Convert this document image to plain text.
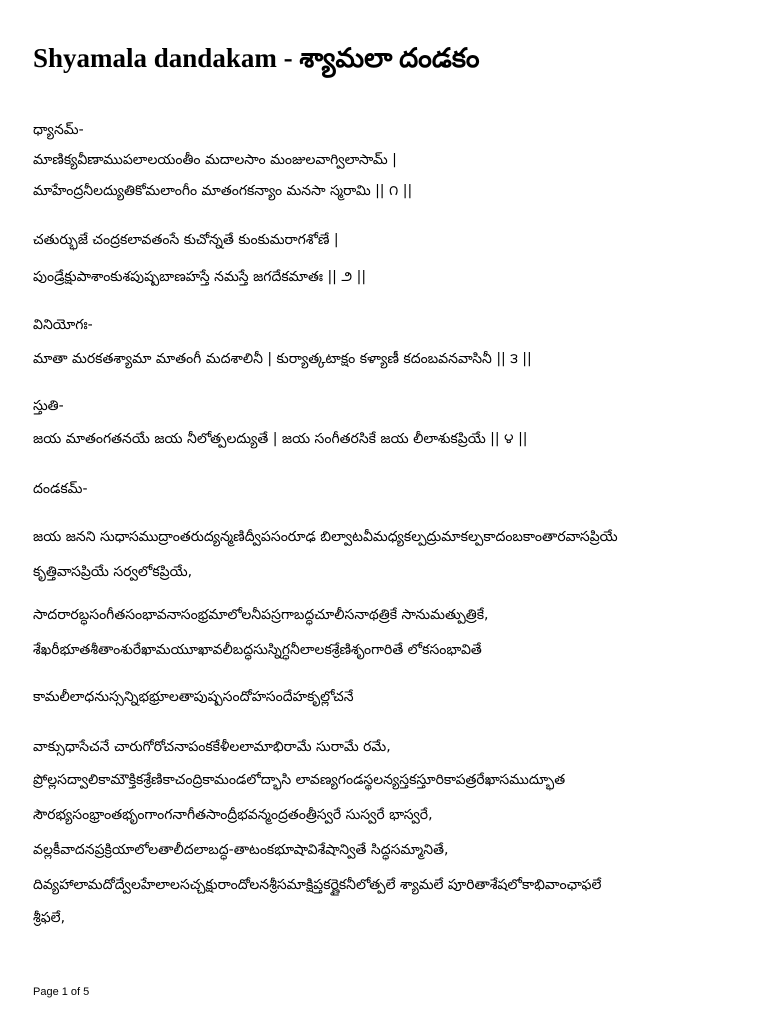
Shyamala dandakam - శ్యామలా దండకం

ధ్యానమ్-

మాణిక్యవీణాముపలాలయంతీం మదాలసాం మంజులవాగ్విలాసామ్ |

మాహేంద్రనీలద్యుతికోమలాంగీం మాతంగకన్యాం మనసా స్మరామి || ౧ ||

చతుర్భుజే చంద్రకలావతంసే కుచోన్నతే కుంకుమరాగశోణే |

పుండ్రేక్షుపాశాంకుశపుష్పబాణహస్తే నమస్తే జగదేకమాతః || ౨ ||

వినియోగః-

మాతా మరకతశ్యామా మాతంగీ మదశాలినీ | కుర్యాత్కటాక్షం కళ్యాణీ కదంబవనవాసినీ || ౩ ||

స్తుతి-

జయ మాతంగతనయే జయ నీలోత్పలద్యుతే | జయ సంగీతరసికే జయ లీలాశుకప్రియే || ౪ ||

దండకమ్-

జయ జనని సుధాసముద్రాంతరుద్యన్మణిద్వీపసంరూఢ బిల్వాటవీమధ్యకల్పద్రుమాకల్పకాదంబకాంతారవాసప్రియే

కృత్తివాసప్రియే సర్వలోకప్రియే,

సాదరారబ్ధసంగీతసంభావనాసంభ్రమాలోలనీపస్రగాబద్ధచూలీసనాథత్రికే సానుమత్పుత్రికే,

శేఖరీభూతశీతాంశురేఖామయూఖావలీబద్ధసుస్నిగ్ధనీలాలకశ్రేణిశృంగారితే లోకసంభావితే

కామలీలాధనుస్సన్నిభభ్రూలతాపుష్పసందోహసందేహకృల్లోచనే

వాక్సుధాసేచనే చారుగోరోచనాపంకకేళీలలామాభిరామే సురామే రమే,

ప్రోల్లసద్వాలికామౌక్తికశ్రేణికాచంద్రికామండలోద్భాసి లావణ్యగండస్థలన్యస్తకస్తూరికాపత్రరేఖాసముద్భూత

సౌరభ్యసంభ్రాంతభృంగాంగనాగీతసాంద్రీభవన్మంద్రతంత్రీస్వరే సుస్వరే భాస్వరే,

వల్లకీవాదనప్రక్రియాలోలతాలీదలాబద్ధ-తాటంకభూషావిశేషాన్వితే సిద్ధసమ్మానితే,

దివ్యహాలామదోద్వేలహేలాలసచ్చక్షురాందోలనశ్రీసమాక్షిప్తకర్ణైకనీలోత్పలే శ్యామలే పూరితాశేషలోకాభివాంఛాఫలే

శ్రీఫలే,

Page 1 of 5
